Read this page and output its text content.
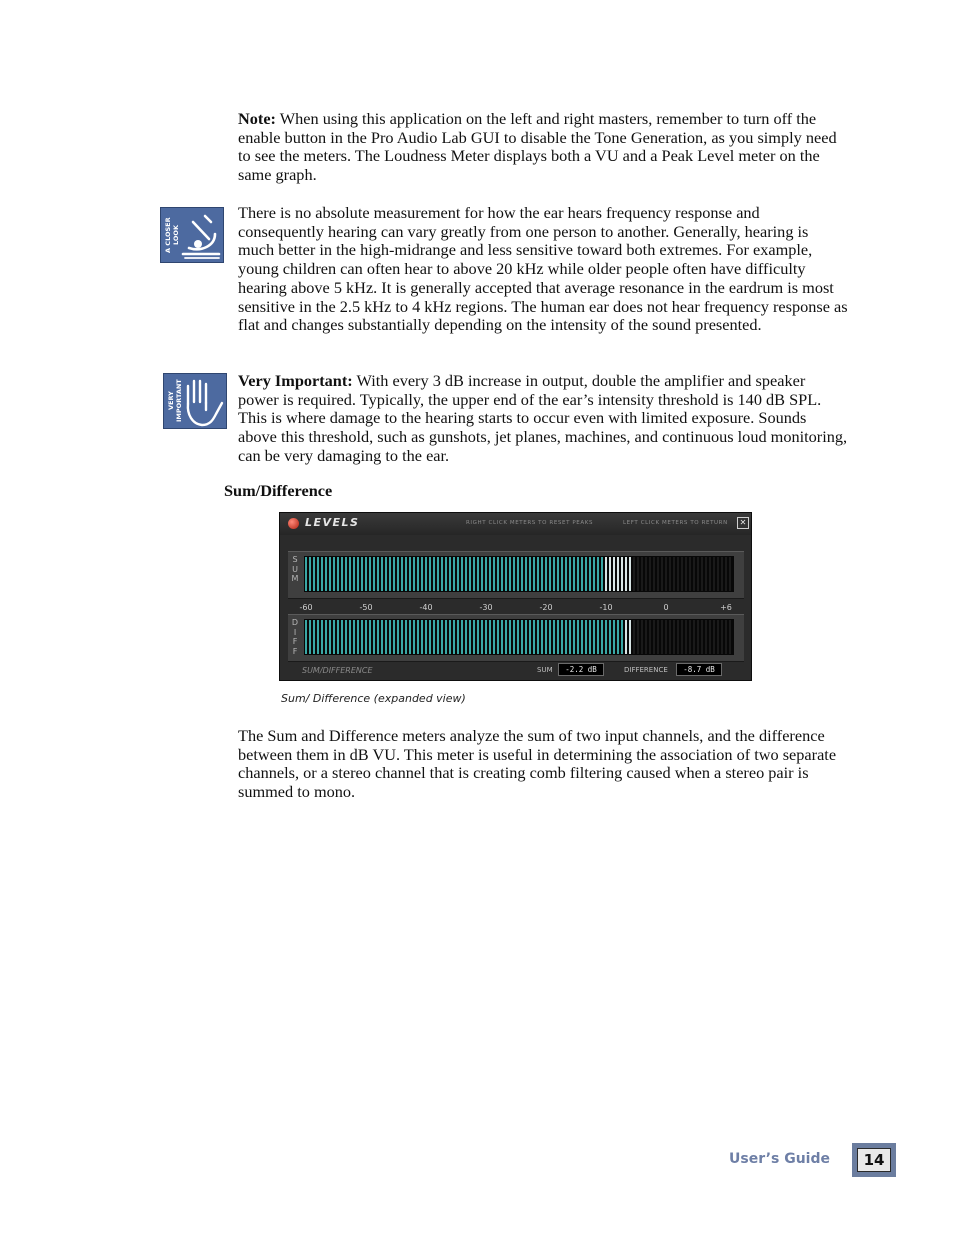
Note: When using this application on the left and right masters, remember to turn off the enable button in the Pro Audio Lab GUI to disable the Tone Generation, as you simply need to see the meters. The Loudness Meter displays both a VU and a Peak Level meter on the same graph.

A CLOSER LOOK

There is no absolute measurement for how the ear hears frequency response and consequently hearing can vary greatly from one person to another. Generally, hearing is much better in the high-midrange and less sensitive toward both extremes. For example, young children can often hear to above 20 kHz while older people often have difficulty hearing above 5 kHz. It is generally accepted that average resonance in the eardrum is most sensitive in the 2.5 kHz to 4 kHz regions. The human ear does not hear frequency response as flat and changes substantially depending on the intensity of the sound presented.

VERY IMPORTANT	Very Important: With every 3 dB increase in output, double the amplifier and speaker power is required. Typically, the upper end of the ear’s intensity threshold is 140 dB SPL. This is where damage to the hearing starts to occur even with limited exposure. Sounds above this threshold, such as gunshots, jet planes, machines, and continuous loud monitoring, can be very damaging to the ear.

Sum/Difference
LEVELS	RIGHT CLICK METERS TO RESET PEAKS	LEFT CLICK METERS TO RETURN	✕
S U M
-60	-50	-40	-30	-20	-10	0	+6
D I F F
SUM/DIFFERENCE	SUM	-2.2 dB	DIFFERENCE	-8.7 dB
Sum/ Difference (expanded view)

The Sum and Difference meters analyze the sum of two input channels, and the difference between them in dB VU. This meter is useful in determining the association of two separate channels, or a stereo channel that is creating comb filtering caused when a stereo pair is summed to mono.

User’s Guide	14
